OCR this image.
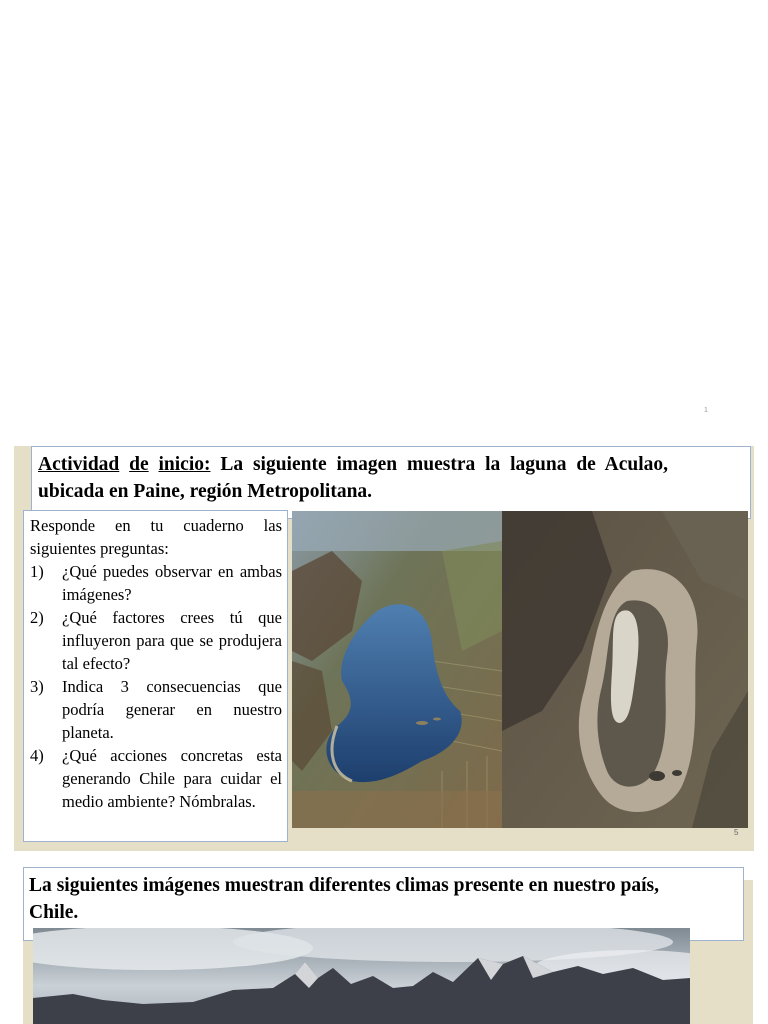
1

Actividad de inicio: La siguiente imagen muestra la laguna de Aculao, ubicada en Paine, región Metropolitana.

Responde en tu cuaderno las siguientes preguntas:

1) ¿Qué puedes observar en ambas imágenes?
2) ¿Qué factores crees tú que influyeron para que se produjera tal efecto?
3) Indica 3 consecuencias que podría generar en nuestro planeta.
4) ¿Qué acciones concretas esta generando Chile para cuidar el medio ambiente? Nómbralas.
5

La siguientes imágenes muestran diferentes climas presente en nuestro país, Chile.
